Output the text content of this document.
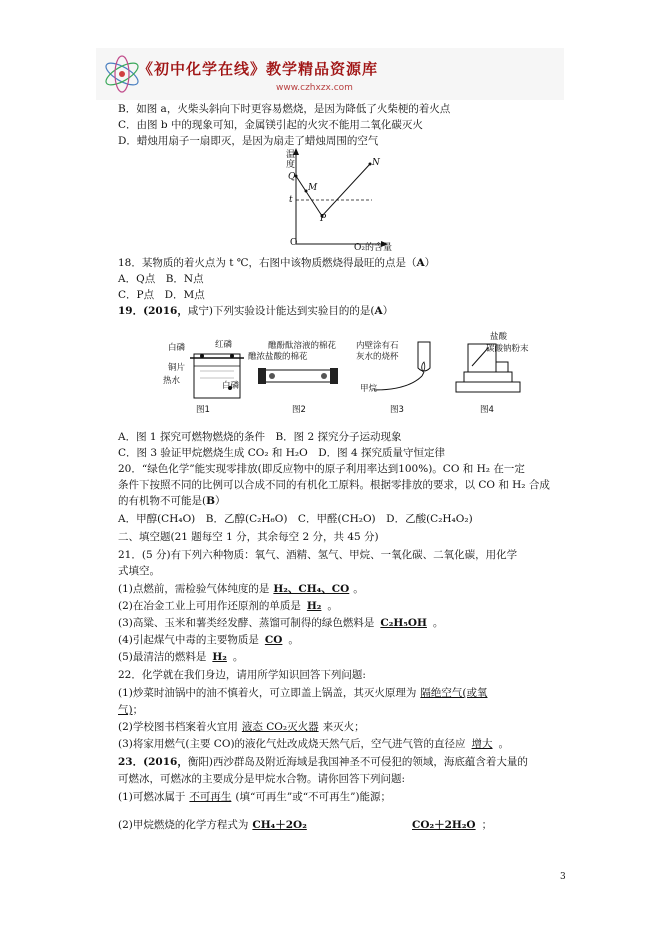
《初中化学在线》教学精品资源库
www.czhxzx.com
B．如图 a，火柴头斜向下时更容易燃烧，是因为降低了火柴梗的着火点
C．由图 b 中的现象可知，金属镁引起的火灾不能用二氧化碳灭火
D．蜡烛用扇子一扇即灭，是因为扇走了蜡烛周围的空气
温度
O₂的含量
O
t
Q
M
N
P
18．某物质的着火点为 t ℃，右图中该物质燃烧得最旺的点是（A）
A．Q点　B．N点
C．P点　D．M点
19．(2016，咸宁)下列实验设计能达到实验目的的是(A）
白磷	红磷
铜片
热水	白磷
图1
醮酚酞溶液的棉花
醮浓盐酸的棉花
图2
内壁涂有石
灰水的烧杯
甲烷
图3
盐酸
碳酸钠粉末
图4
A．图 1 探究可燃物燃烧的条件　B．图 2 探究分子运动现象
C．图 3 验证甲烷燃烧生成 CO₂ 和 H₂O　D．图 4 探究质量守恒定律
20．“绿色化学”能实现零排放(即反应物中的原子利用率达到100%)。CO 和 H₂ 在一定
条件下按照不同的比例可以合成不同的有机化工原料。根据零排放的要求，以 CO 和 H₂ 合成
的有机物不可能是(B）
A．甲醇(CH₄O)　B．乙醇(C₂H₆O)　C．甲醛(CH₂O)　D．乙酸(C₂H₄O₂)
二、填空题(21 题每空 1 分，其余每空 2 分，共 45 分)
21．(5 分)有下列六种物质：氧气、酒精、氢气、甲烷、一氧化碳、二氧化碳，用化学
式填空。
(1)点燃前，需检验气体纯度的是 H₂、CH₄、CO 。
(2)在冶金工业上可用作还原剂的单质是 H₂ 。
(3)高粱、玉米和薯类经发酵、蒸馏可制得的绿色燃料是 C₂H₅OH 。
(4)引起煤气中毒的主要物质是 CO 。
(5)最清洁的燃料是 H₂ 。
22．化学就在我们身边，请用所学知识回答下列问题:
(1)炒菜时油锅中的油不慎着火，可立即盖上锅盖，其灭火原理为 隔绝空气(或氧
气)；
(2)学校图书档案着火宜用 液态 CO₂灭火器 来灭火；
(3)将家用燃气(主要 CO)的液化气灶改成烧天然气后，空气进气管的直径应 增大 。
23．(2016，衡阳)西沙群岛及附近海域是我国神圣不可侵犯的领域，海底蕴含着大量的
可燃冰，可燃冰的主要成分是甲烷水合物。请你回答下列问题:
(1)可燃冰属于 不可再生 (填“可再生”或“不可再生”)能源；
(2)甲烷燃烧的化学方程式为 CH₄＋2O₂	CO₂＋2H₂O ；
3
